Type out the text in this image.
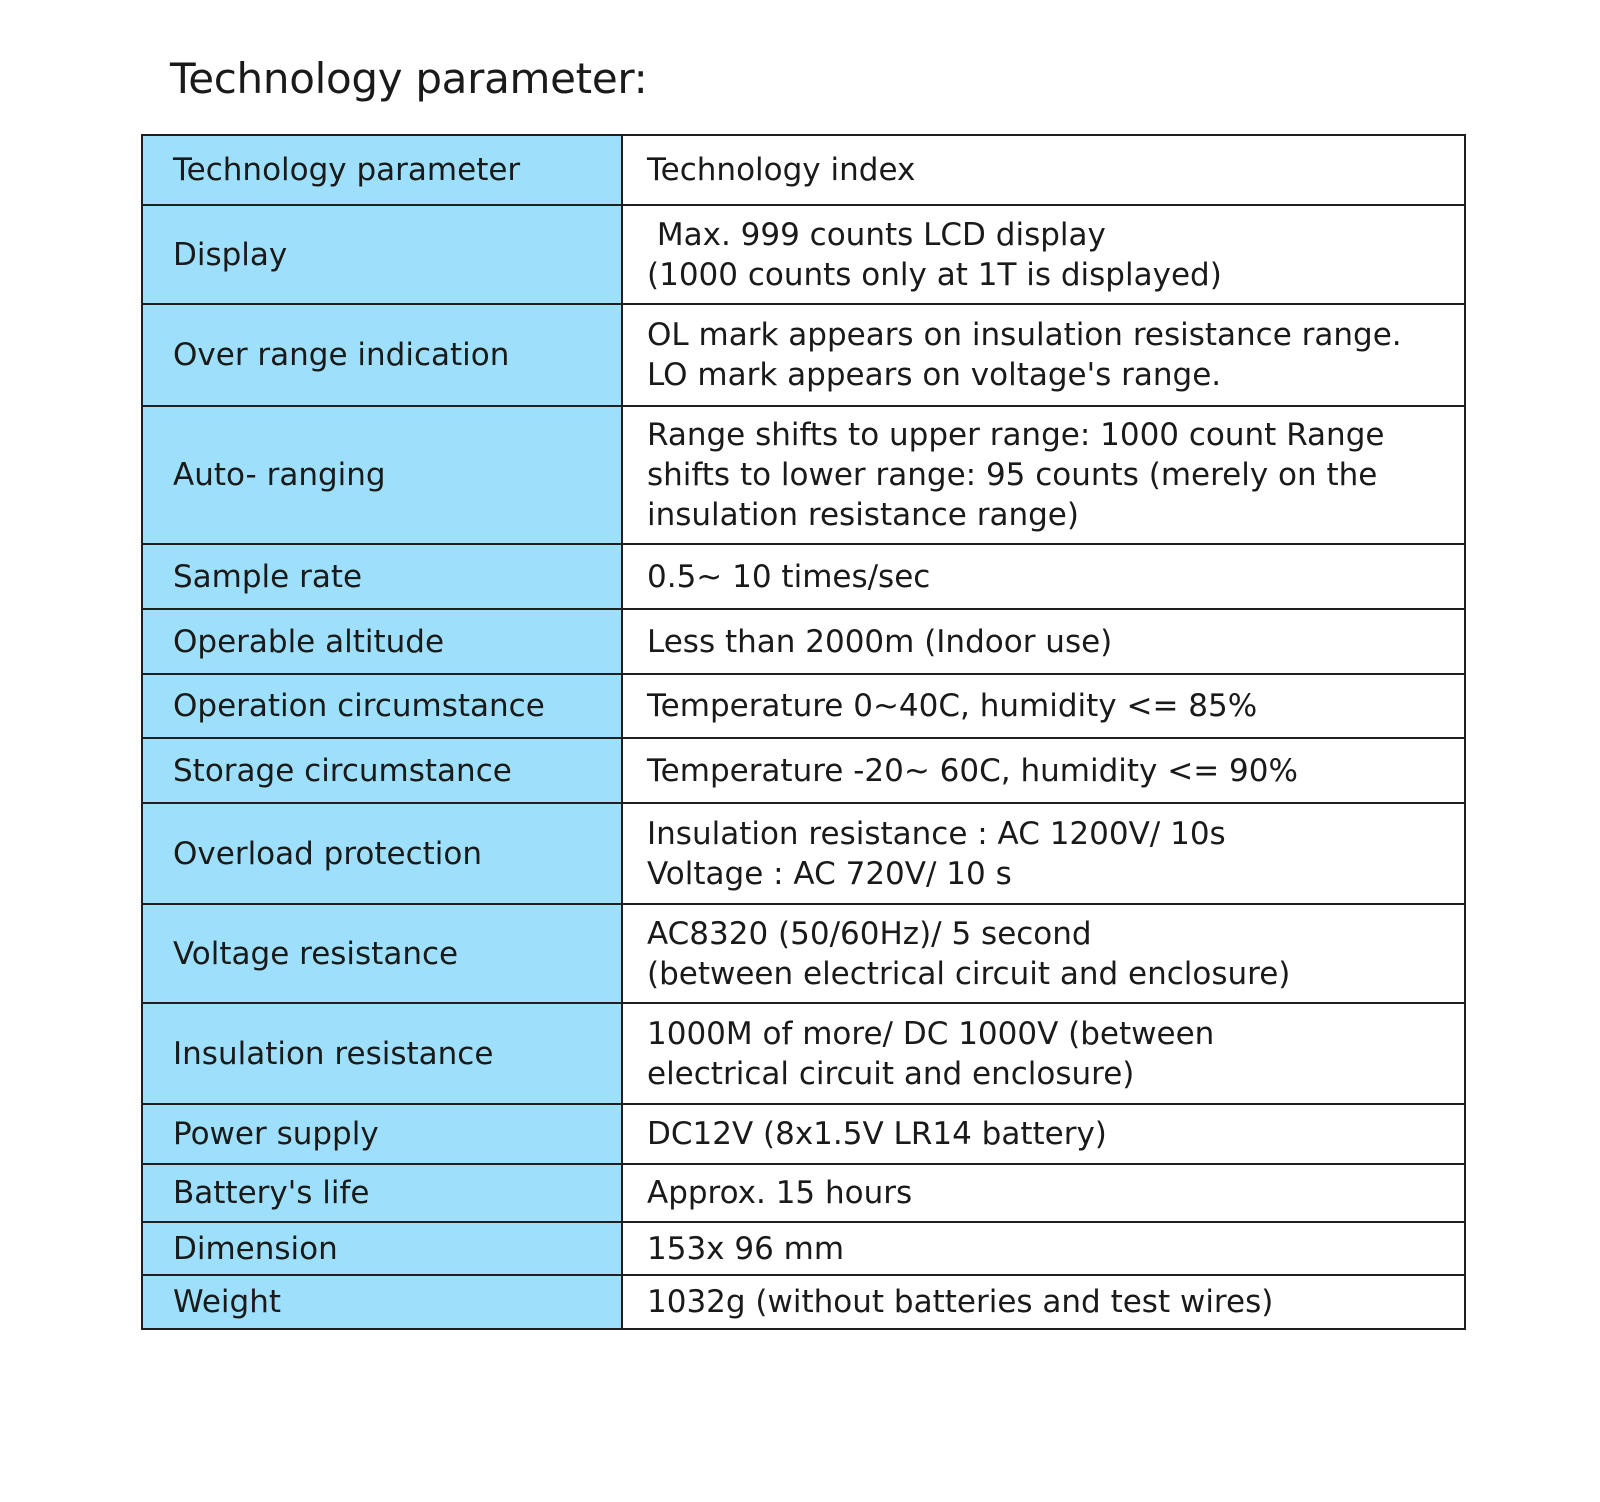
Technology parameter:
Technology parameter	Technology index
Display	Max. 999 counts LCD display
(1000 counts only at 1T is displayed)

Over range indication	OL mark appears on insulation resistance range.
LO mark appears on voltage's range.

Auto- ranging	Range shifts to upper range: 1000 count Range
shifts to lower range: 95 counts (merely on the
insulation resistance range)

Sample rate	0.5~ 10 times/sec

Operable altitude	Less than 2000m (Indoor use)

Operation circumstance	Temperature 0~40C, humidity <= 85%

Storage circumstance	Temperature -20~ 60C, humidity <= 90%

Overload protection	Insulation resistance : AC 1200V/ 10s
Voltage : AC 720V/ 10 s

Voltage resistance	AC8320 (50/60Hz)/ 5 second
(between electrical circuit and enclosure)

Insulation resistance	1000M of more/ DC 1000V (between
electrical circuit and enclosure)

Power supply	DC12V (8x1.5V LR14 battery)

Battery's life	Approx. 15 hours

Dimension	153x 96 mm

Weight	1032g (without batteries and test wires)
